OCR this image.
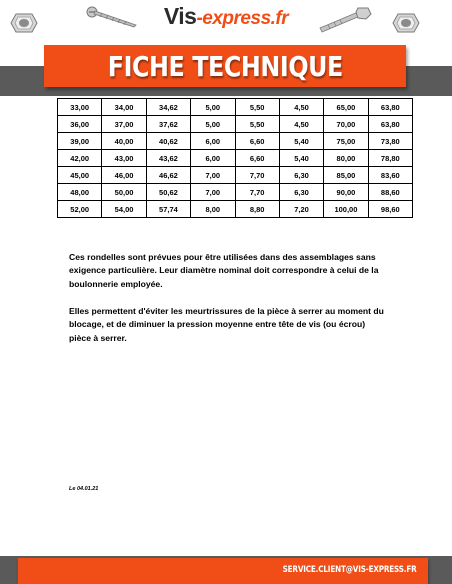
Vis-express.fr
FICHE TECHNIQUE
33,00	34,00	34,62	5,00	5,50	4,50	65,00	63,80
36,00	37,00	37,62	5,00	5,50	4,50	70,00	63,80
39,00	40,00	40,62	6,00	6,60	5,40	75,00	73,80
42,00	43,00	43,62	6,00	6,60	5,40	80,00	78,80
45,00	46,00	46,62	7,00	7,70	6,30	85,00	83,60
48,00	50,00	50,62	7,00	7,70	6,30	90,00	88,60
52,00	54,00	57,74	8,00	8,80	7,20	100,00	98,60

Ces rondelles sont prévues pour être utilisées dans des assemblages sans exigence particulière. Leur diamètre nominal doit correspondre à celui de la boulonnerie employée.

Elles permettent d'éviter les meurtrissures de la pièce à serrer au moment du blocage, et de diminuer la pression moyenne entre tête de vis (ou écrou) pièce à serrer.

Le 04.01.21
SERVICE.CLIENT@VIS-EXPRESS.FR
